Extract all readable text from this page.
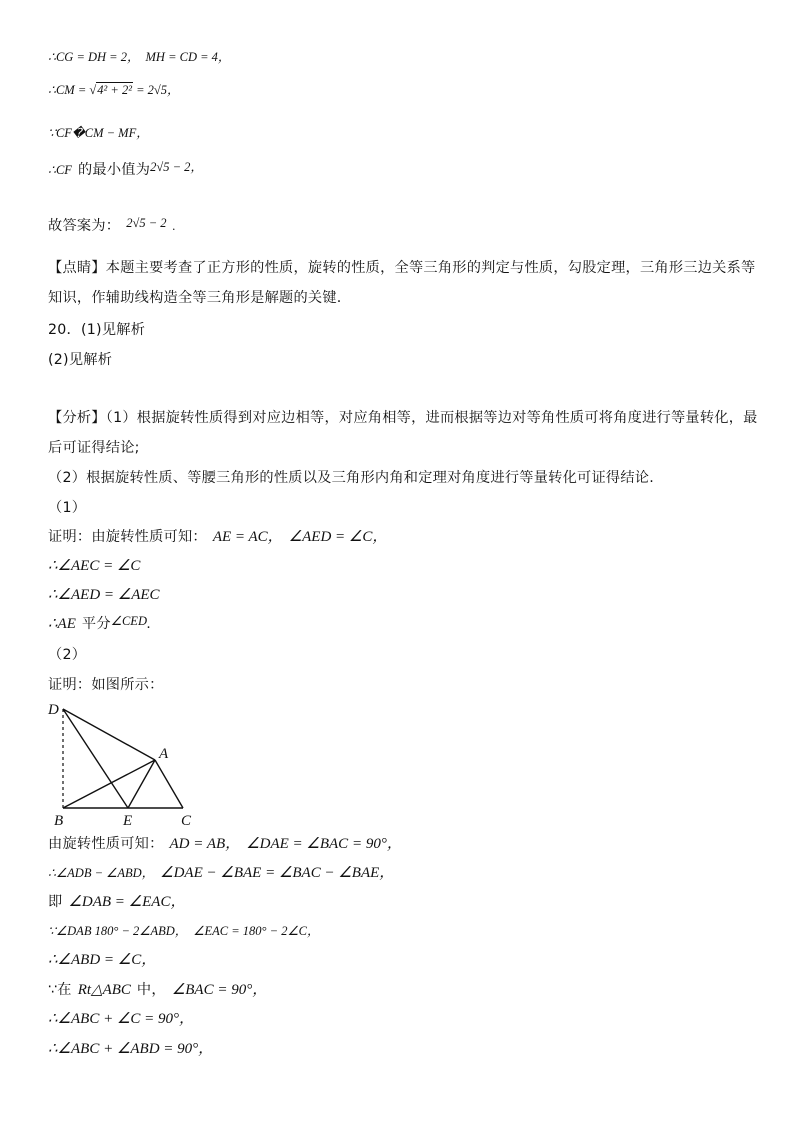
∴CG = DH = 2， MH = CD = 4，
∴CM = √4² + 2² = 2√5，
∵CF�CM − MF，
∴CF 的最小值为2√5 − 2，
故答案为： 2√5 − 2 .
【点睛】本题主要考查了正方形的性质，旋转的性质，全等三角形的判定与性质，勾股定理，三角形三边关系等
知识，作辅助线构造全等三角形是解题的关键.
20．(1)见解析
(2)见解析
【分析】（1）根据旋转性质得到对应边相等，对应角相等，进而根据等边对等角性质可将角度进行等量转化，最
后可证得结论;
（2）根据旋转性质、等腰三角形的性质以及三角形内角和定理对角度进行等量转化可证得结论.
（1）
证明：由旋转性质可知： AE = AC， ∠AED = ∠C，
∴∠AEC = ∠C
∴∠AED = ∠AEC
∴AE 平分∠CED.
（2）
证明：如图所示：
D
A
B	E	C
由旋转性质可知： AD = AB， ∠DAE = ∠BAC = 90°，
∴∠ADB − ∠ABD， ∠DAE − ∠BAE = ∠BAC − ∠BAE，
即 ∠DAB = ∠EAC，
∵∠DAB 180° − 2∠ABD， ∠EAC = 180° − 2∠C，
∴∠ABD = ∠C，
∵在 Rt△ABC 中， ∠BAC = 90°，
∴∠ABC + ∠C = 90°，
∴∠ABC + ∠ABD = 90°，
